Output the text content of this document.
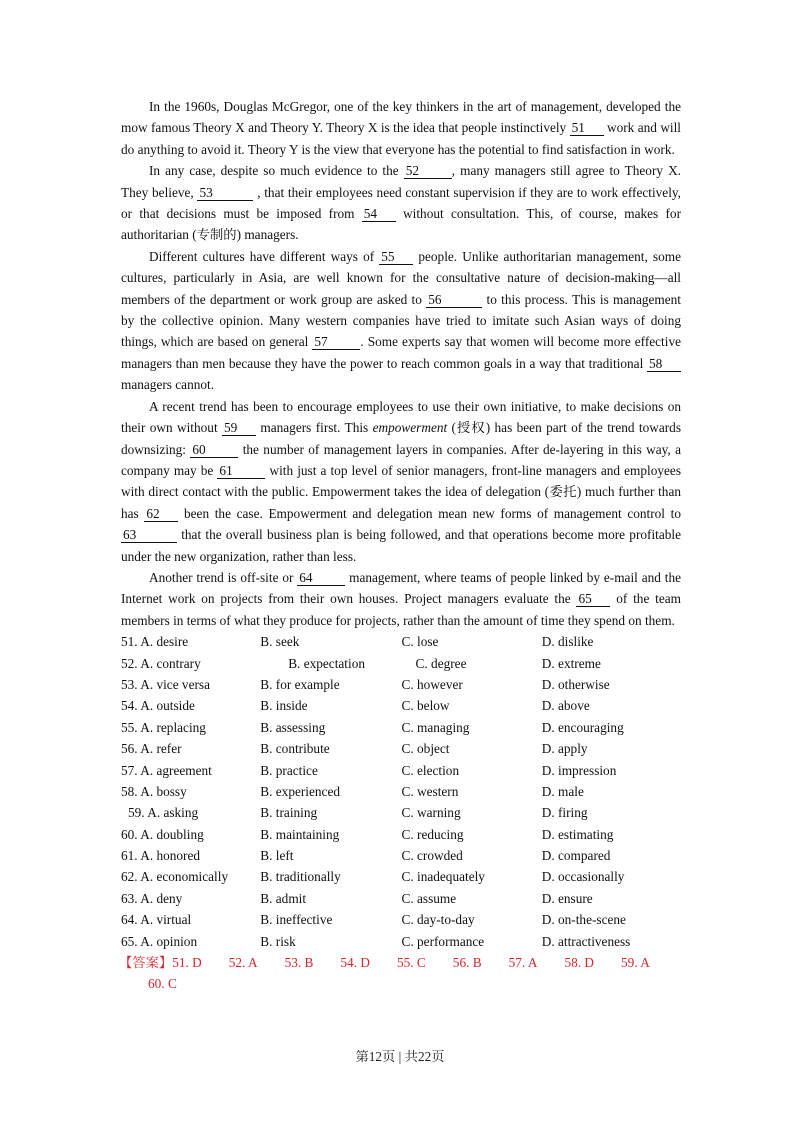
In the 1960s, Douglas McGregor, one of the key thinkers in the art of management, developed the mow famous Theory X and Theory Y. Theory X is the idea that people instinctively 51 work and will do anything to avoid it. Theory Y is the view that everyone has the potential to find satisfaction in work.

In any case, despite so much evidence to the 52 , many managers still agree to Theory X. They believe, 53	, that their employees need constant supervision if they are to work effectively, or that decisions must be imposed from 54 without consultation. This, of course, makes for authoritarian (专制的) managers.

Different cultures have different ways of 55 people. Unlike authoritarian management, some cultures, particularly in Asia, are well known for the consultative nature of decision-making—all members of the department or work group are asked to 56	to this process. This is management by the collective opinion. Many western companies have tried to imitate such Asian ways of doing things, which are based on general 57 . Some experts say that women will become more effective managers than men because they have the power to reach common goals in a way that traditional 58 managers cannot.

A recent trend has been to encourage employees to use their own initiative, to make decisions on their own without 59 managers first. This empowerment (授权) has been part of the trend towards downsizing: 60 the number of management layers in companies. After de-layering in this way, a company may be 61 with just a top level of senior managers, front-line managers and employees with direct contact with the public. Empowerment takes the idea of delegation (委托) much further than has 62 been the case. Empowerment and delegation mean new forms of management control to 63	that the overall business plan is being followed, and that operations become more profitable under the new organization, rather than less.

Another trend is off-site or 64 management, where teams of people linked by e-mail and the Internet work on projects from their own houses. Project managers evaluate the 65 of the team members in terms of what they produce for projects, rather than the amount of time they spend on them.

51. A. desire	B. seek	C. lose	D. dislike
52. A. contrary	B. expectation	C. degree	D. extreme
53. A. vice versa	B. for example	C. however	D. otherwise
54. A. outside	B. inside	C. below	D. above
55. A. replacing	B. assessing	C. managing	D. encouraging
56. A. refer	B. contribute	C. object	D. apply
57. A. agreement	B. practice	C. election	D. impression
58. A. bossy	B. experienced	C. western	D. male
59. A. asking	B. training	C. warning	D. firing
60. A. doubling	B. maintaining	C. reducing	D. estimating
61. A. honored	B. left	C. crowded	D. compared
62. A. economically	B. traditionally	C. inadequately	D. occasionally
63. A. deny	B. admit	C. assume	D. ensure
64. A. virtual	B. ineffective	C. day-to-day	D. on-the-scene
65. A. opinion	B. risk	C. performance	D. attractiveness
【答案】51. D 52. A 53. B 54. D 55. C 56. B 57. A 58. D 59. A
60. C
第12页 | 共22页
